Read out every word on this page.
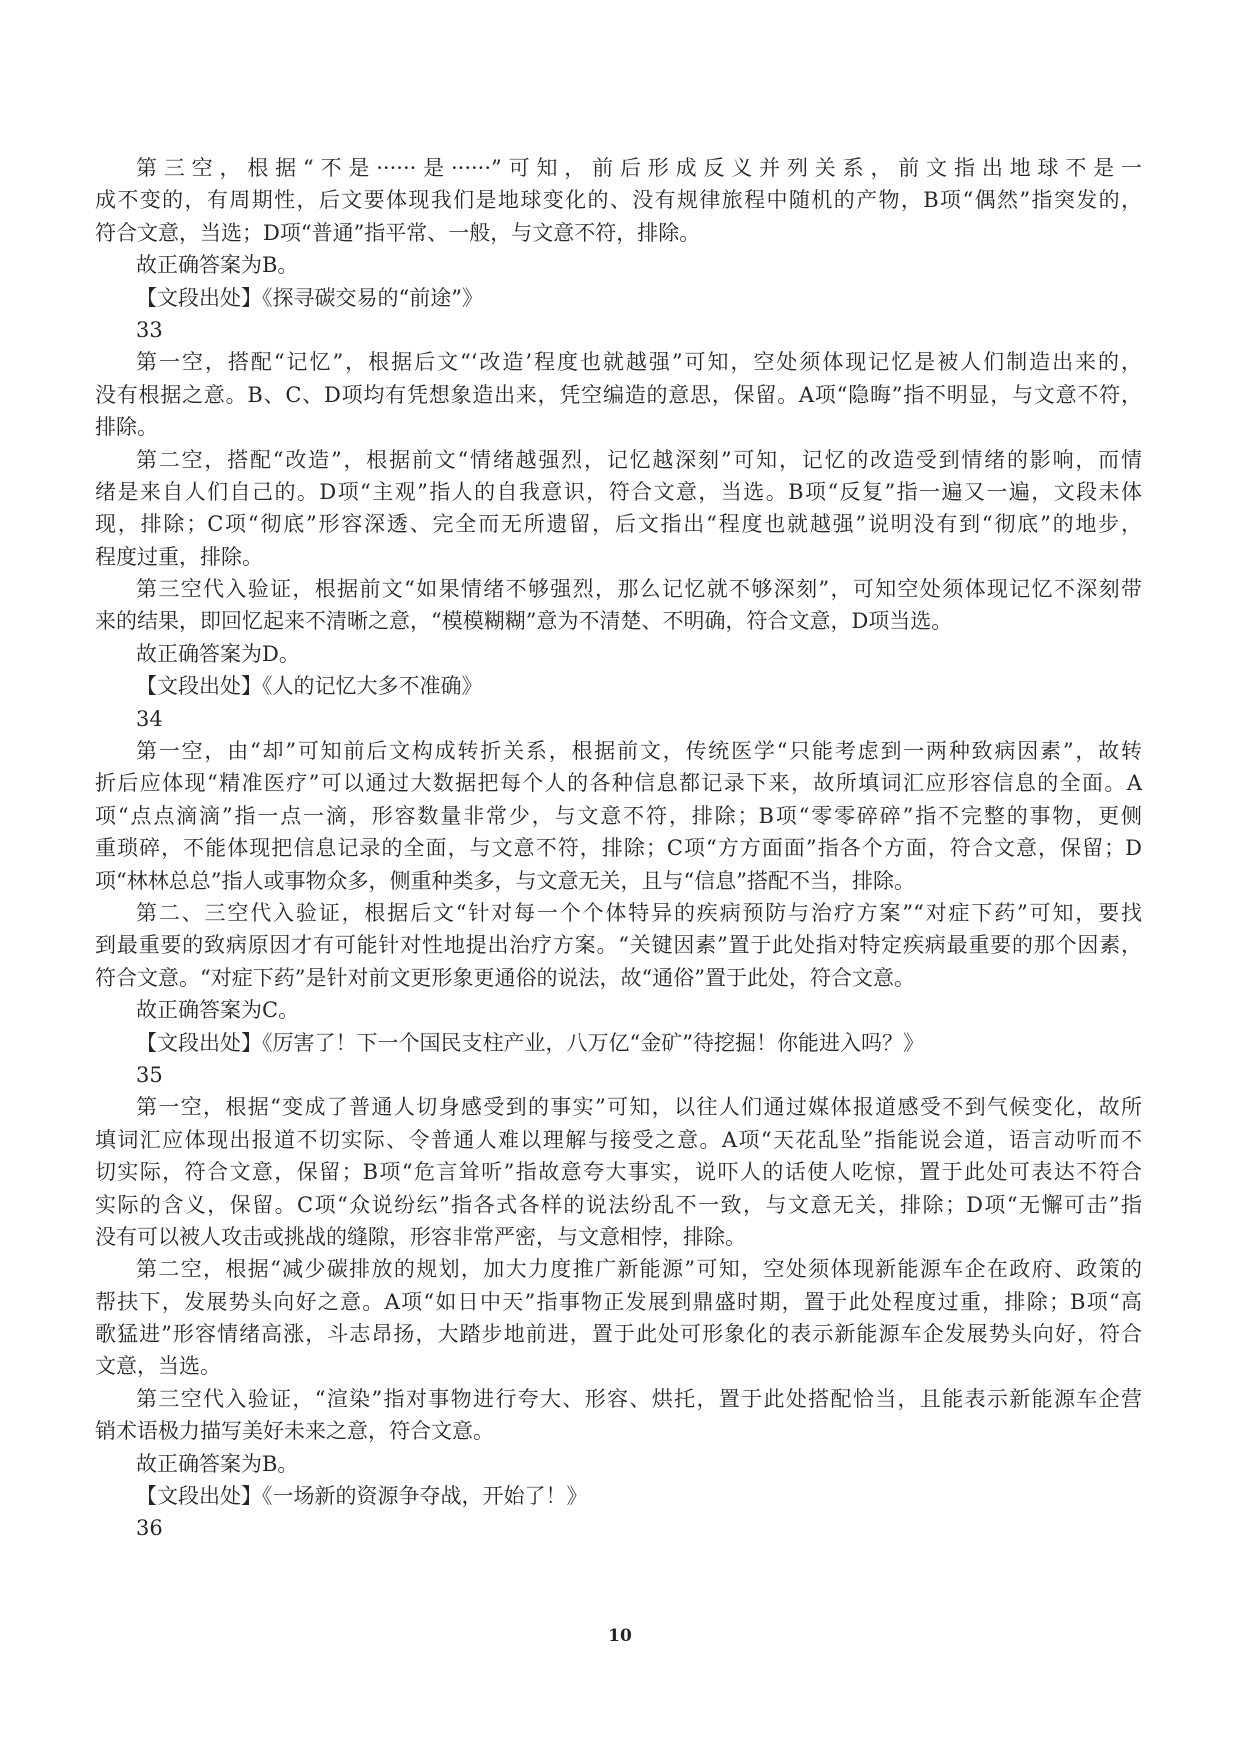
第三空，根据“不是······是······”可知，前后形成反义并列关系，前文指出地球不是一
成不变的，有周期性，后文要体现我们是地球变化的、没有规律旅程中随机的产物，B项“偶然”指突发的，
符合文意，当选；D项“普通”指平常、一般，与文意不符，排除。
故正确答案为B。
【文段出处】《探寻碳交易的“前途”》
33
第一空，搭配“记忆”，根据后文“‘改造’程度也就越强”可知，空处须体现记忆是被人们制造出来的，
没有根据之意。B、C、D项均有凭想象造出来，凭空编造的意思，保留。A项“隐晦”指不明显，与文意不符，
排除。
第二空，搭配“改造”，根据前文“情绪越强烈，记忆越深刻”可知，记忆的改造受到情绪的影响，而情
绪是来自人们自己的。D项“主观”指人的自我意识，符合文意，当选。B项“反复”指一遍又一遍，文段未体
现，排除；C项“彻底”形容深透、完全而无所遗留，后文指出“程度也就越强”说明没有到“彻底”的地步，
程度过重，排除。
第三空代入验证，根据前文“如果情绪不够强烈，那么记忆就不够深刻”，可知空处须体现记忆不深刻带
来的结果，即回忆起来不清晰之意，“模模糊糊”意为不清楚、不明确，符合文意，D项当选。
故正确答案为D。
【文段出处】《人的记忆大多不准确》
34
第一空，由“却”可知前后文构成转折关系，根据前文，传统医学“只能考虑到一两种致病因素”，故转
折后应体现“精准医疗”可以通过大数据把每个人的各种信息都记录下来，故所填词汇应形容信息的全面。A
项“点点滴滴”指一点一滴，形容数量非常少，与文意不符，排除；B项“零零碎碎”指不完整的事物，更侧
重琐碎，不能体现把信息记录的全面，与文意不符，排除；C项“方方面面”指各个方面，符合文意，保留；D
项“林林总总”指人或事物众多，侧重种类多，与文意无关，且与“信息”搭配不当，排除。
第二、三空代入验证，根据后文“针对每一个个体特异的疾病预防与治疗方案”“对症下药”可知，要找
到最重要的致病原因才有可能针对性地提出治疗方案。“关键因素”置于此处指对特定疾病最重要的那个因素，
符合文意。“对症下药”是针对前文更形象更通俗的说法，故“通俗”置于此处，符合文意。
故正确答案为C。
【文段出处】《厉害了！下一个国民支柱产业，八万亿“金矿”待挖掘！你能进入吗？》
35
第一空，根据“变成了普通人切身感受到的事实”可知，以往人们通过媒体报道感受不到气候变化，故所
填词汇应体现出报道不切实际、令普通人难以理解与接受之意。A项“天花乱坠”指能说会道，语言动听而不
切实际，符合文意，保留；B项“危言耸听”指故意夸大事实，说吓人的话使人吃惊，置于此处可表达不符合
实际的含义，保留。C项“众说纷纭”指各式各样的说法纷乱不一致，与文意无关，排除；D项“无懈可击”指
没有可以被人攻击或挑战的缝隙，形容非常严密，与文意相悖，排除。
第二空，根据“减少碳排放的规划，加大力度推广新能源”可知，空处须体现新能源车企在政府、政策的
帮扶下，发展势头向好之意。A项“如日中天”指事物正发展到鼎盛时期，置于此处程度过重，排除；B项“高
歌猛进”形容情绪高涨，斗志昂扬，大踏步地前进，置于此处可形象化的表示新能源车企发展势头向好，符合
文意，当选。
第三空代入验证，“渲染”指对事物进行夸大、形容、烘托，置于此处搭配恰当，且能表示新能源车企营
销术语极力描写美好未来之意，符合文意。
故正确答案为B。
【文段出处】《一场新的资源争夺战，开始了！》
36
10
